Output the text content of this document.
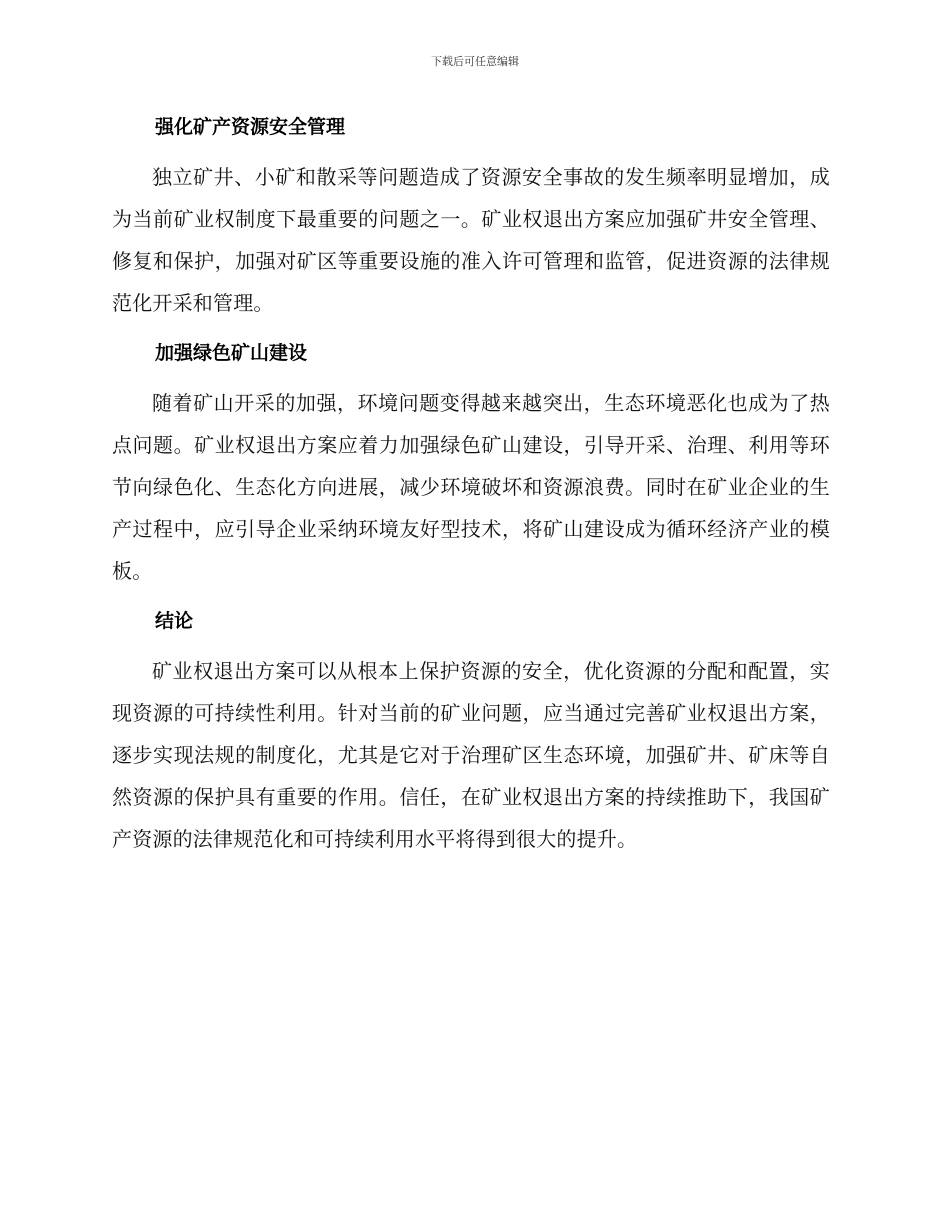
下载后可任意编辑
强化矿产资源安全管理

独立矿井、小矿和散采等问题造成了资源安全事故的发生频率明显增加，成为当前矿业权制度下最重要的问题之一。矿业权退出方案应加强矿井安全管理、修复和保护，加强对矿区等重要设施的准入许可管理和监管，促进资源的法律规范化开采和管理。

加强绿色矿山建设

随着矿山开采的加强，环境问题变得越来越突出，生态环境恶化也成为了热点问题。矿业权退出方案应着力加强绿色矿山建设，引导开采、治理、利用等环节向绿色化、生态化方向进展，减少环境破坏和资源浪费。同时在矿业企业的生产过程中，应引导企业采纳环境友好型技术，将矿山建设成为循环经济产业的模板。

结论

矿业权退出方案可以从根本上保护资源的安全，优化资源的分配和配置，实现资源的可持续性利用。针对当前的矿业问题，应当通过完善矿业权退出方案，逐步实现法规的制度化，尤其是它对于治理矿区生态环境，加强矿井、矿床等自然资源的保护具有重要的作用。信任，在矿业权退出方案的持续推助下，我国矿产资源的法律规范化和可持续利用水平将得到很大的提升。
